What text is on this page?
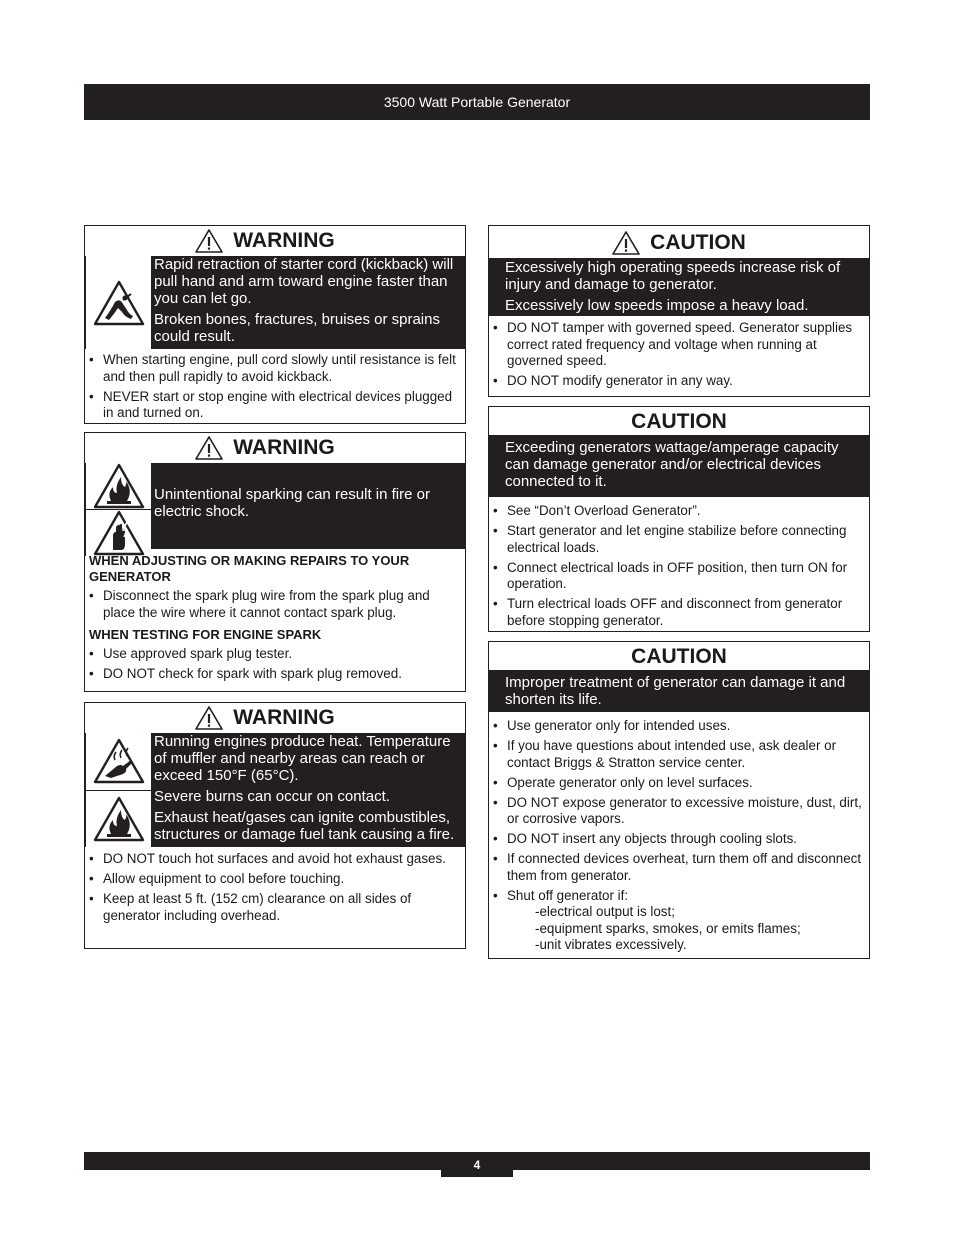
3500 Watt Portable Generator
WARNING

Rapid retraction of starter cord (kickback) will pull hand and arm toward engine faster than you can let go.

Broken bones, fractures, bruises or sprains could result.

• When starting engine, pull cord slowly until resistance is felt and then pull rapidly to avoid kickback.
• NEVER start or stop engine with electrical devices plugged in and turned on.
WARNING

Unintentional sparking can result in fire or electric shock.

WHEN ADJUSTING OR MAKING REPAIRS TO YOUR GENERATOR
• Disconnect the spark plug wire from the spark plug and place the wire where it cannot contact spark plug.
WHEN TESTING FOR ENGINE SPARK
• Use approved spark plug tester.
• DO NOT check for spark with spark plug removed.
WARNING

Running engines produce heat. Temperature of muffler and nearby areas can reach or exceed 150°F (65°C).

Severe burns can occur on contact.

Exhaust heat/gases can ignite combustibles, structures or damage fuel tank causing a fire.

• DO NOT touch hot surfaces and avoid hot exhaust gases.
• Allow equipment to cool before touching.
• Keep at least 5 ft. (152 cm) clearance on all sides of generator including overhead.
CAUTION

Excessively high operating speeds increase risk of injury and damage to generator.

Excessively low speeds impose a heavy load.

• DO NOT tamper with governed speed. Generator supplies correct rated frequency and voltage when running at governed speed.
• DO NOT modify generator in any way.
CAUTION

Exceeding generators wattage/amperage capacity can damage generator and/or electrical devices connected to it.

• See “Don’t Overload Generator”.
• Start generator and let engine stabilize before connecting electrical loads.
• Connect electrical loads in OFF position, then turn ON for operation.
• Turn electrical loads OFF and disconnect from generator before stopping generator.
CAUTION

Improper treatment of generator can damage it and shorten its life.

• Use generator only for intended uses.
• If you have questions about intended use, ask dealer or contact Briggs & Stratton service center.
• Operate generator only on level surfaces.
• DO NOT expose generator to excessive moisture, dust, dirt, or corrosive vapors.
• DO NOT insert any objects through cooling slots.
• If connected devices overheat, turn them off and disconnect them from generator.
• Shut off generator if:
-electrical output is lost;
-equipment sparks, smokes, or emits flames;
-unit vibrates excessively.
4
